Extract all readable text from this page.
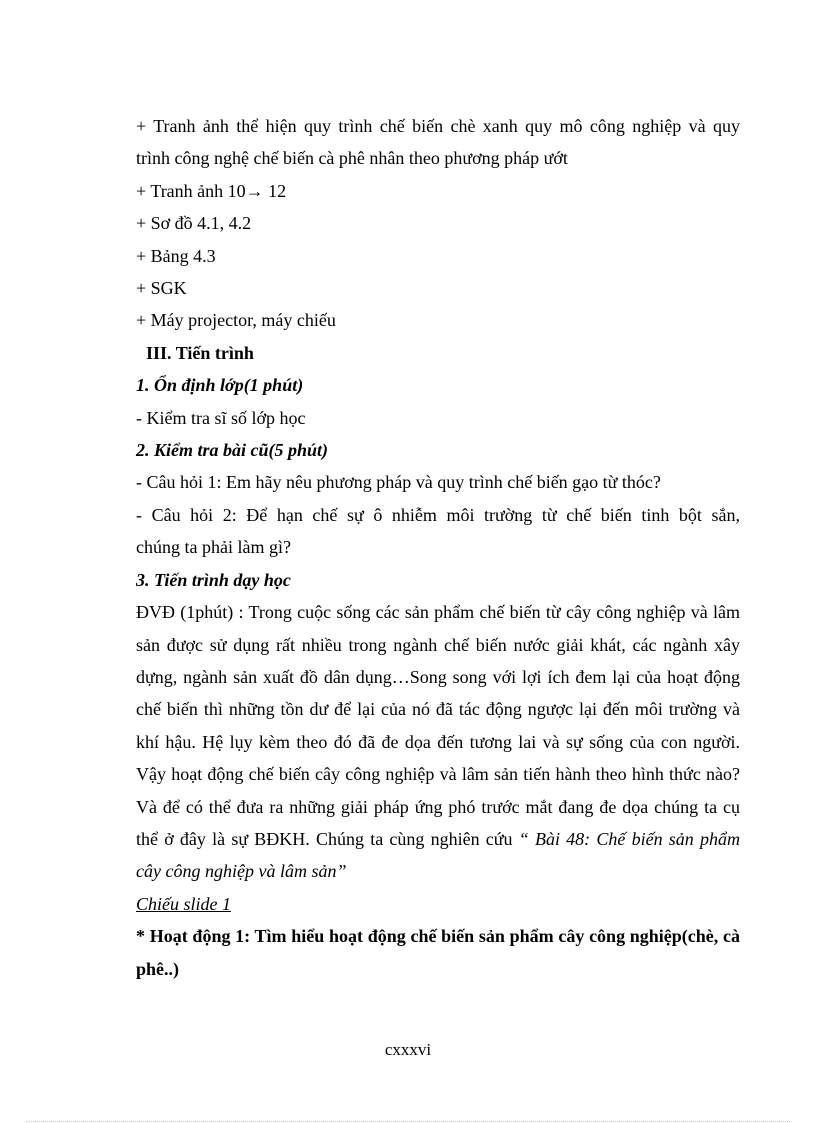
+ Tranh ảnh thể hiện quy trình chế biến chè xanh quy mô công nghiệp và quy
trình công nghệ chế biến cà phê nhân theo phương pháp ướt
+ Tranh ảnh 10→ 12
+ Sơ đồ 4.1, 4.2
+ Bảng 4.3
+ SGK
+ Máy projector, máy chiếu
III. Tiến trình
1. Ổn định lớp(1 phút)
- Kiểm tra sĩ số lớp học
2. Kiểm tra bài cũ(5 phút)
- Câu hỏi 1: Em hãy nêu phương pháp và quy trình chế biến gạo từ thóc?
- Câu hỏi 2: Để hạn chế sự ô nhiễm môi trường từ chế biến tinh bột sắn,
chúng ta phải làm gì?
3. Tiến trình dạy học
ĐVĐ (1phút) : Trong cuộc sống các sản phẩm chế biến từ cây công nghiệp và lâm sản được sử dụng rất nhiều trong ngành chế biến nước giải khát, các ngành xây dựng, ngành sản xuất đồ dân dụng…Song song với lợi ích đem lại của hoạt động chế biến thì những tồn dư để lại của nó đã tác động ngược lại đến môi trường và khí hậu. Hệ lụy kèm theo đó đã đe dọa đến tương lai và sự sống của con người. Vậy hoạt động chế biến cây công nghiệp và lâm sản tiến hành theo hình thức nào? Và để có thể đưa ra những giải pháp ứng phó trước mắt đang đe dọa chúng ta cụ thể ở đây là sự BĐKH. Chúng ta cùng nghiên cứu “ Bài 48: Chế biến sản phẩm cây công nghiệp và lâm sản”
Chiếu slide 1
* Hoạt động 1: Tìm hiểu hoạt động chế biến sản phẩm cây công nghiệp(chè, cà phê..)
cxxxvi
